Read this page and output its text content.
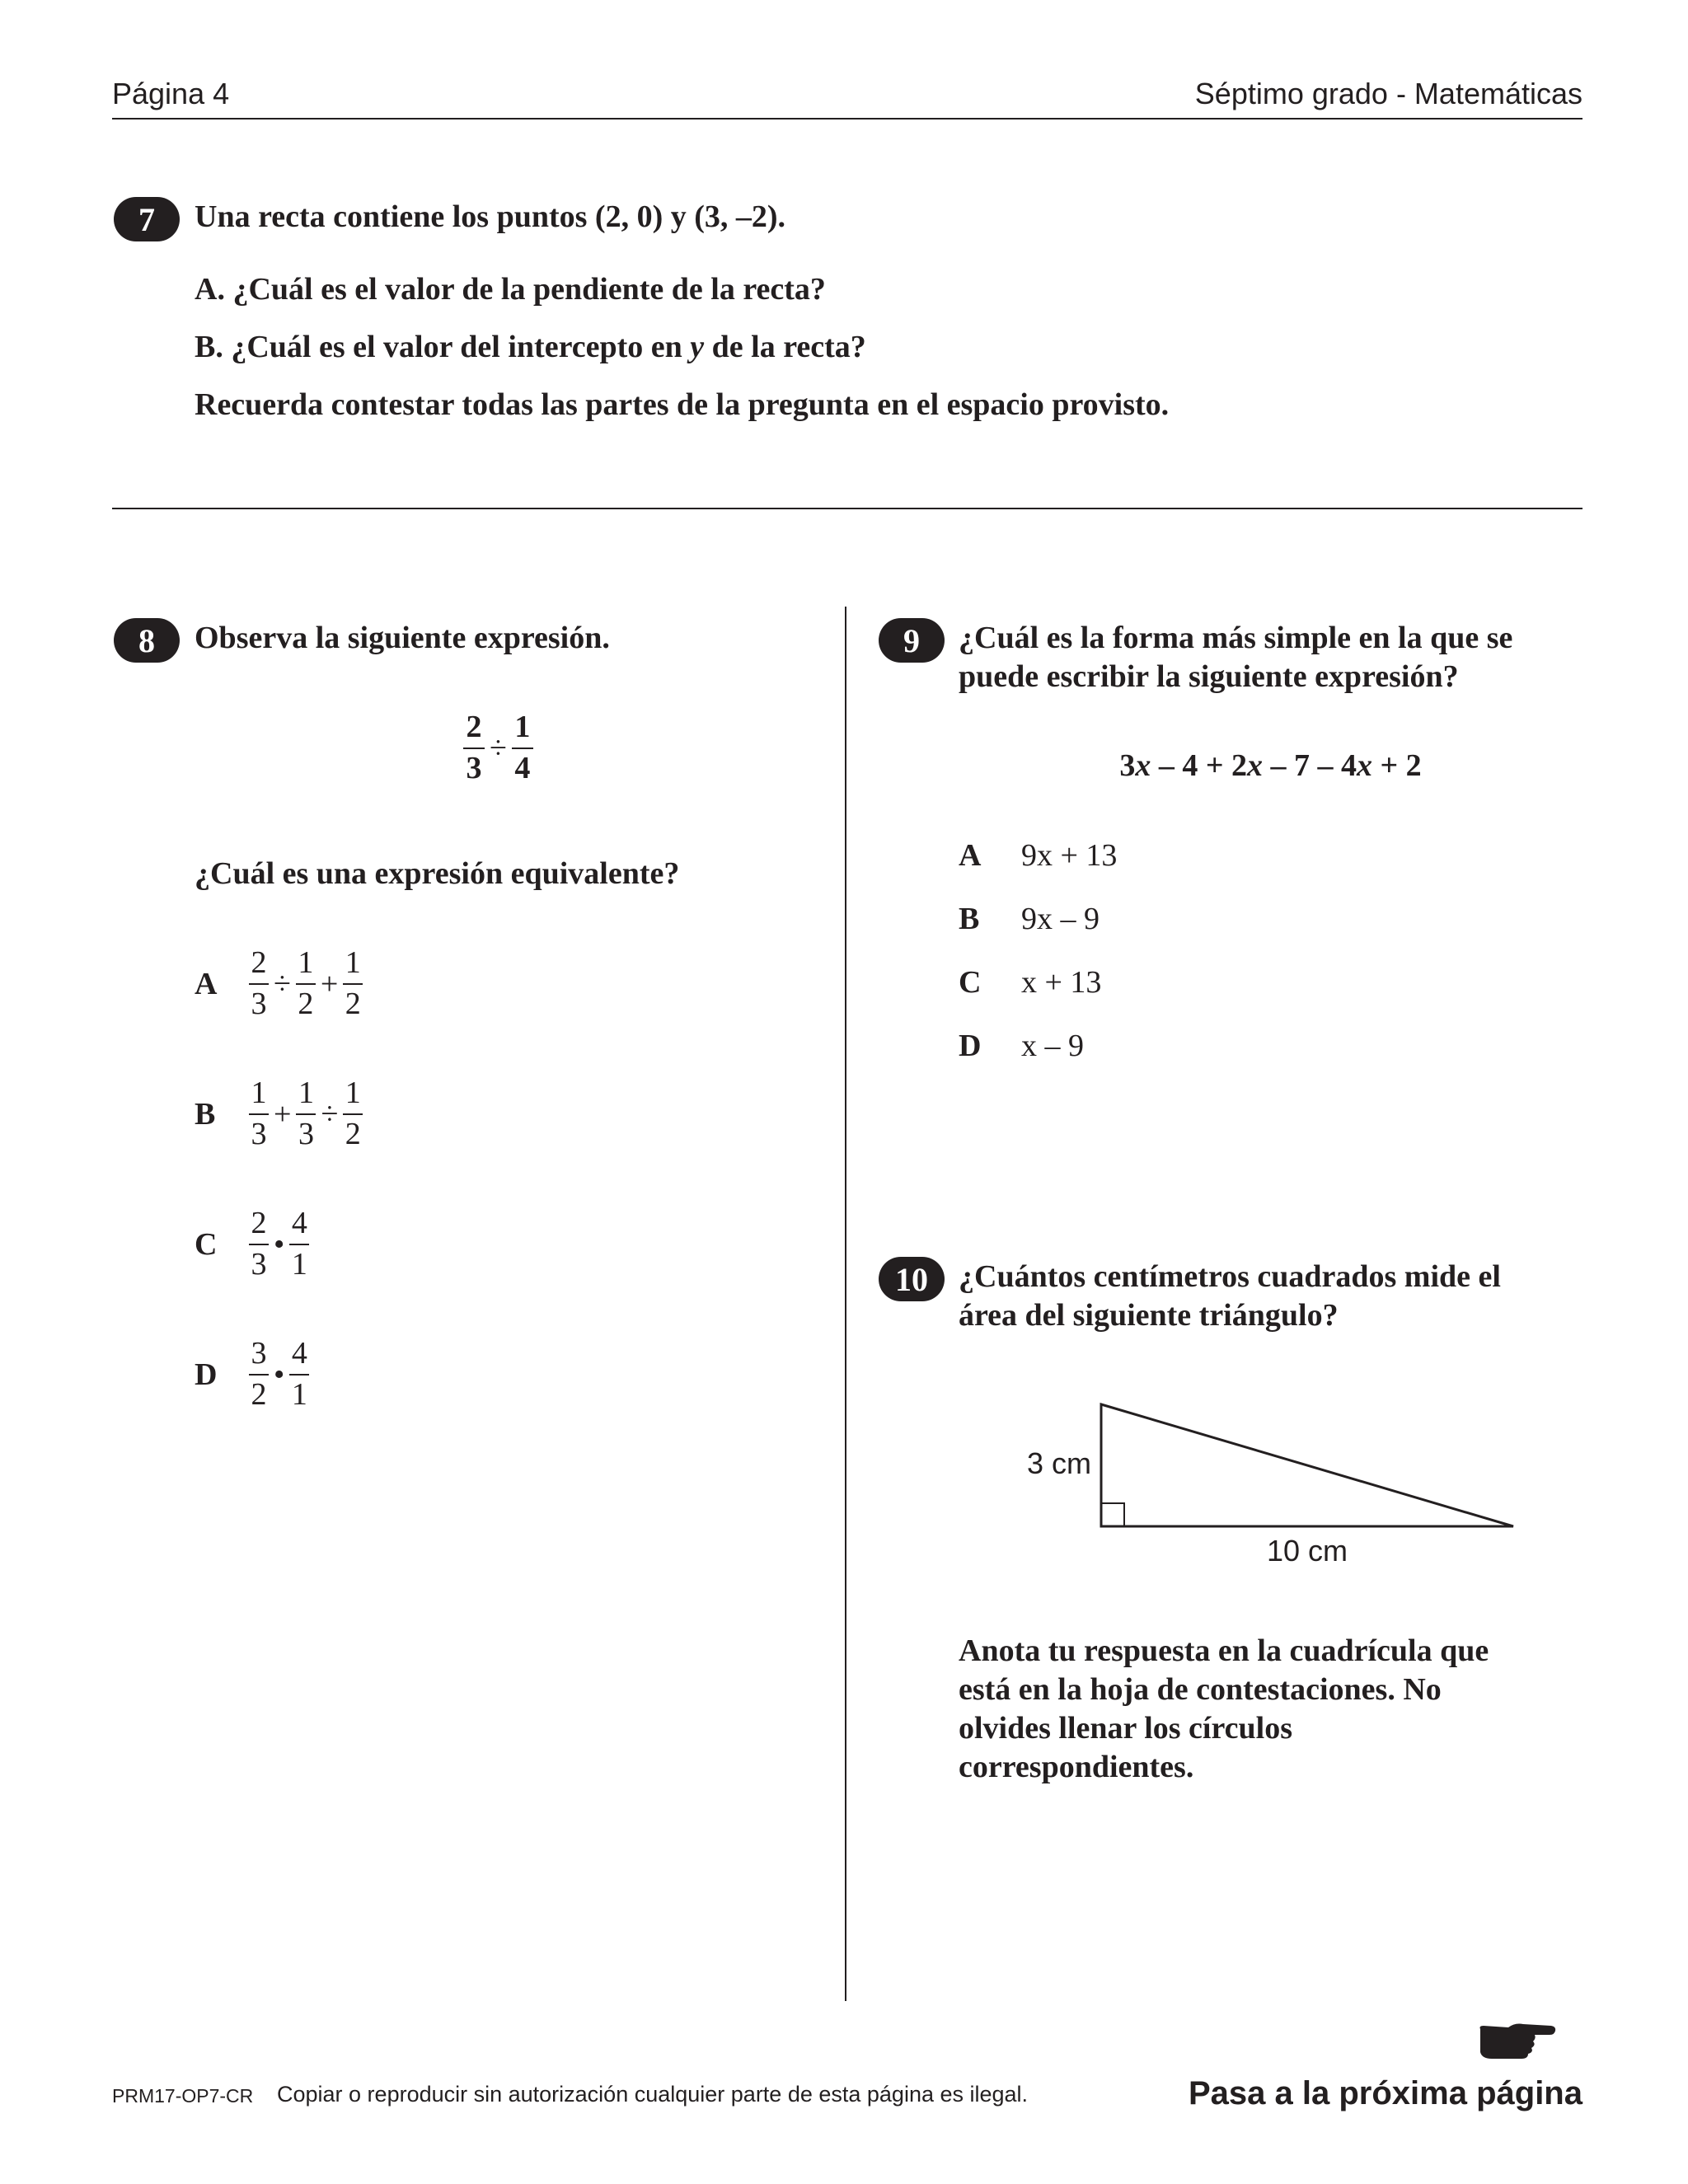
Página 4	Séptimo grado - Matemáticas
7	Una recta contiene los puntos (2, 0) y (3, –2).
A. ¿Cuál es el valor de la pendiente de la recta?
B. ¿Cuál es el valor del intercepto en y de la recta?
Recuerda contestar todas las partes de la pregunta en el espacio provisto.
8	Observa la siguiente expresión.
$\frac{2}{3} \div \frac{1}{4}$
¿Cuál es una expresión equivalente?
A	$\frac{2}{3} \div \frac{1}{2} + \frac{1}{2}$
B	$\frac{1}{3} + \frac{1}{3} \div \frac{1}{2}$
C	$\frac{2}{3}$ • $\frac{4}{1}$
D	$\frac{3}{2}$ • $\frac{4}{1}$
9	¿Cuál es la forma más simple en la que se
puede escribir la siguiente expresión?
3x – 4 + 2x – 7 – 4x + 2
A	9x + 13
B	9x – 9
C	x + 13
D	x – 9
10 ¿Cuántos centímetros cuadrados mide el
área del siguiente triángulo?
3 cm
10 cm
Anota tu respuesta en la cuadrícula que
está en la hoja de contestaciones. No
olvides llenar los círculos
correspondientes.
PRM17-OP7-CR Copiar o reproducir sin autorización cualquier parte de esta página es ilegal.	Pasa a la próxima página
